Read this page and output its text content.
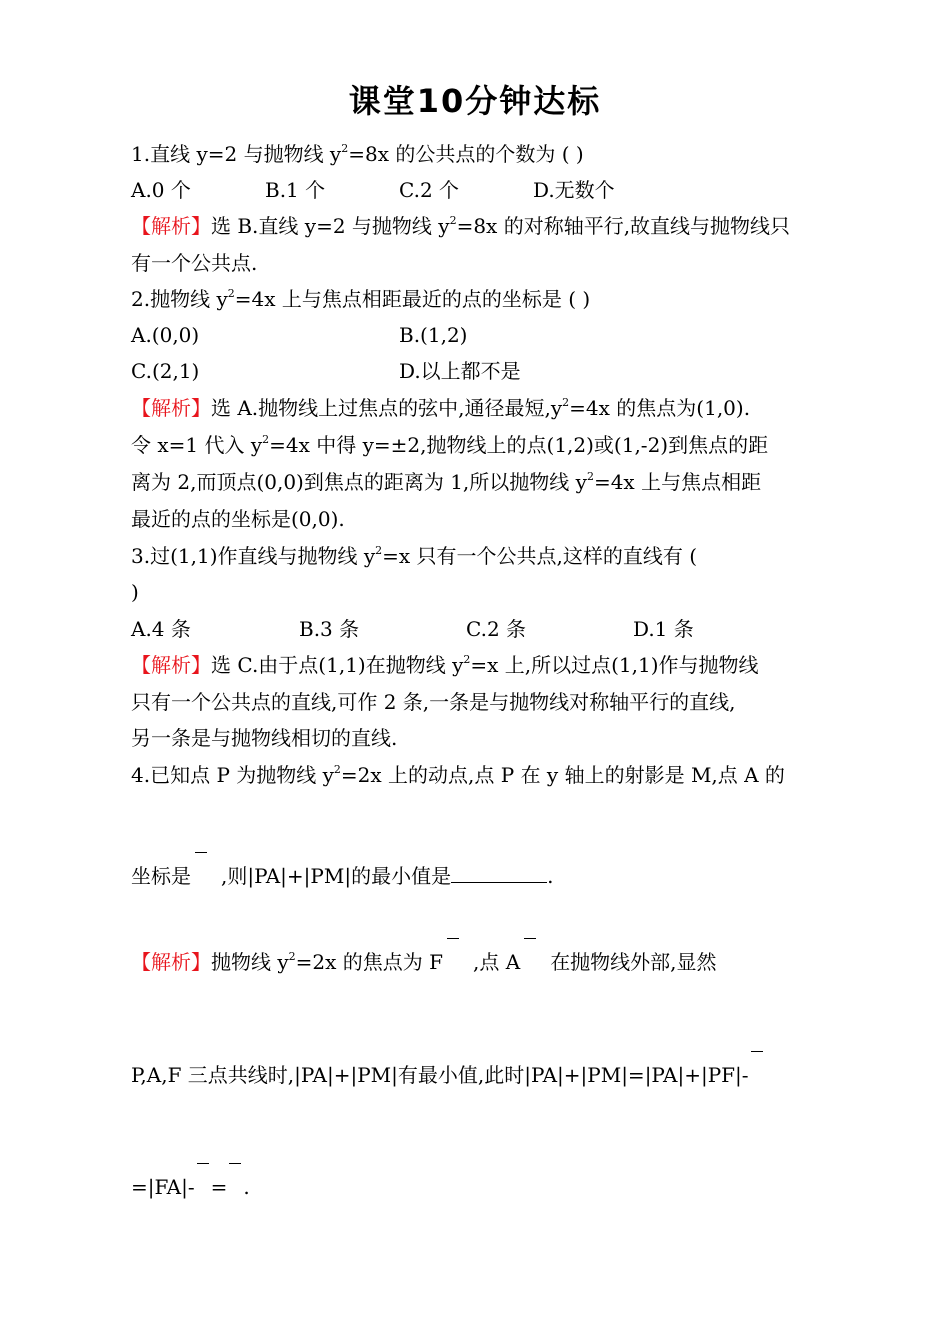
课堂10分钟达标
1.直线 y=2 与抛物线 $y^2=8x$ 的公共点的个数为 ( )
A.0 个	B.1 个	C.2 个	D.无数个
【解析】选 B.直线 y=2 与抛物线 $y^2=8x$ 的对称轴平行,故直线与抛物线只
有一个公共点.
2.抛物线 $y^2=4x$ 上与焦点相距最近的点的坐标是 ( )
A.(0,0)	B.(1,2)
C.(2,1)	D.以上都不是
【解析】选 A.抛物线上过焦点的弦中,通径最短$,y^2=4x$ 的焦点为(1,0).
令 x=1 代入 $y^2=4x$ 中得 y=±2,抛物线上的点(1,2)或(1,-2)到焦点的距
离为 2,而顶点(0,0)到焦点的距离为 1,所以抛物线 $y^2=4x$ 上与焦点相距
最近的点的坐标是(0,0).
3.过(1,1)作直线与抛物线 $y^2=x$ 只有一个公共点,这样的直线有 (
)
A.4 条	B.3 条	C.2 条	D.1 条
【解析】选 C.由于点(1,1)在抛物线 $y^2=x$ 上,所以过点(1,1)作与抛物线
只有一个公共点的直线,可作 2 条,一条是与抛物线对称轴平行的直线,
另一条是与抛物线相切的直线.
4.已知点 P 为抛物线 $y^2=2x$ 上的动点,点 P 在 y 轴上的射影是 M,点 A 的
坐标是 ,则|PA|+|PM|的最小值是	.
【解析】抛物线 $y^2=2x$ 的焦点为 F ,点 A 在抛物线外部,显然
P,A,F 三点共线时,|PA|+|PM|有最小值,此时|PA|+|PM|=|PA|+|PF|-
=|FA|- = .
